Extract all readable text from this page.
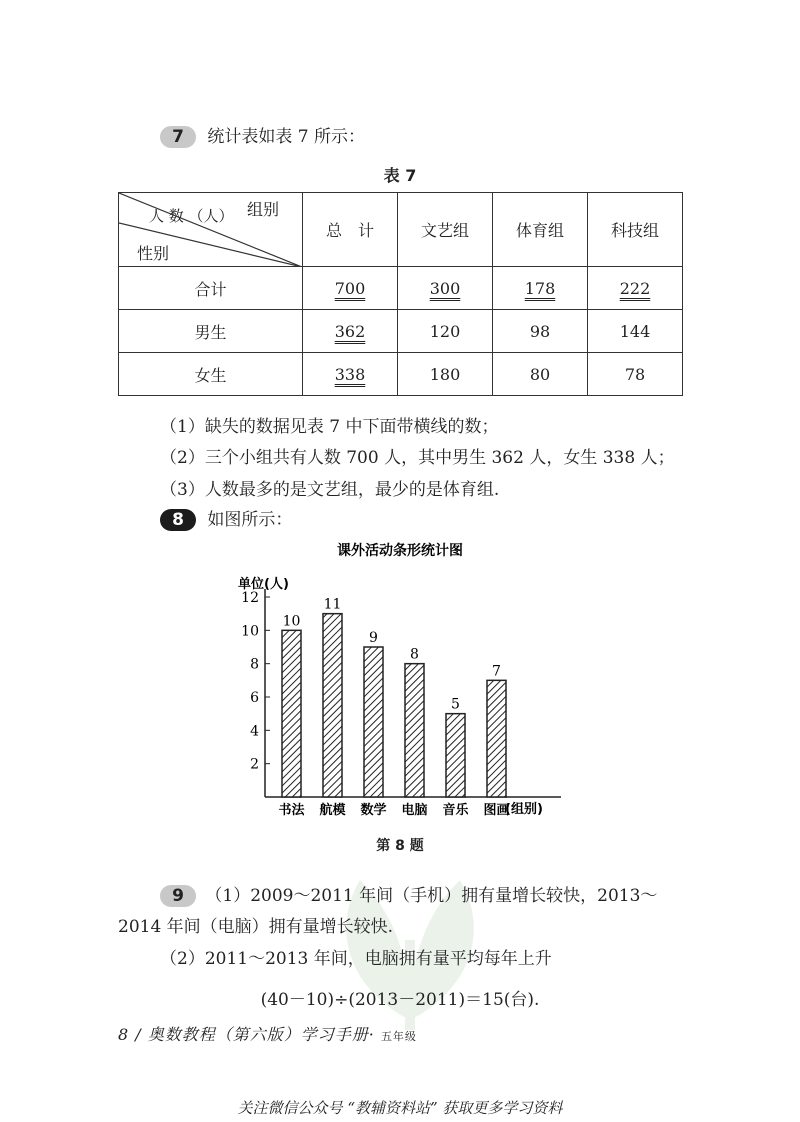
7 统计表如表 7 所示：
表 7
组别
人 数 （人）
性别	总　计	文艺组	体育组	科技组
合计	700	300	178	222
男生	362	120	98	144
女生	338	180	80	78
（1）缺失的数据见表 7 中下面带横线的数；
（2）三个小组共有人数 700 人，其中男生 362 人，女生 338 人；
（3）人数最多的是文艺组，最少的是体育组.
8 如图所示：
课外活动条形统计图
单位(人)
(组别)
2
4
6
8
10
12
10
书法
11
航模
9
数学
8
电脑
5
音乐
7
图画
第 8 题
9 （1）2009～2011 年间（手机）拥有量增长较快，2013～
2014 年间（电脑）拥有量增长较快.
（2）2011～2013 年间，电脑拥有量平均每年上升
(40－10)÷(2013－2011)＝15(台).
8 / 奥数教程（第六版）学习手册· 五年级
关注微信公众号 “教辅资料站” 获取更多学习资料
